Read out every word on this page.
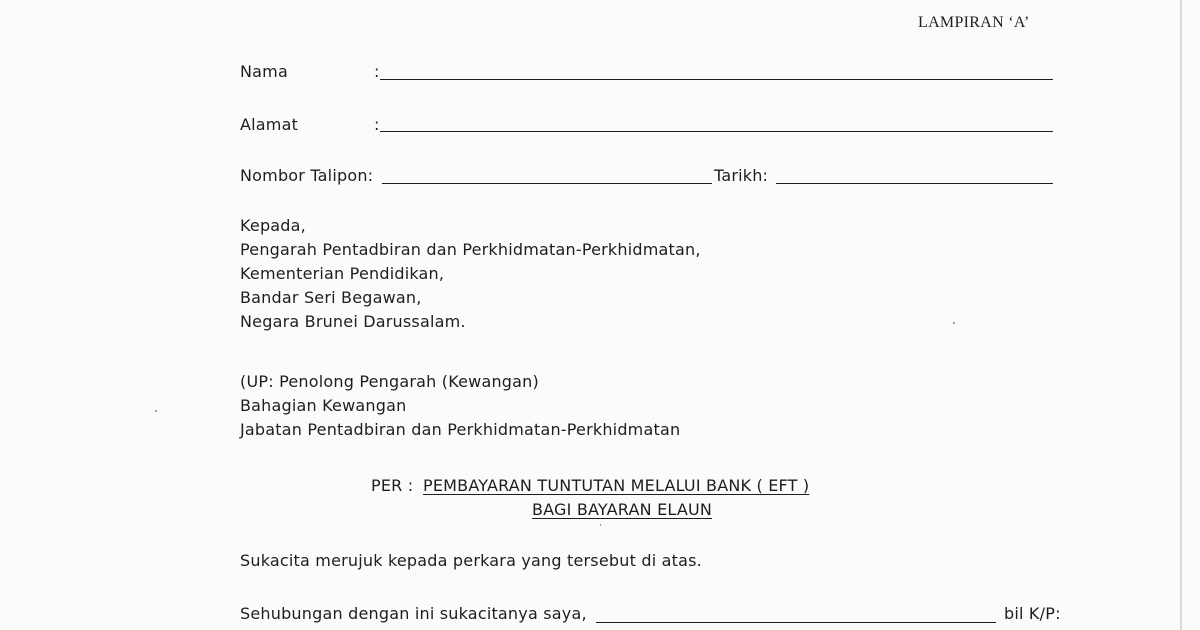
LAMPIRAN ‘A’
Nama	:
Alamat	:
Nombor Talipon:	Tarikh:
Kepada,
Pengarah Pentadbiran dan Perkhidmatan-Perkhidmatan,
Kementerian Pendidikan,
Bandar Seri Begawan,
Negara Brunei Darussalam.
(UP: Penolong Pengarah (Kewangan)
Bahagian Kewangan
Jabatan Pentadbiran dan Perkhidmatan-Perkhidmatan
PER : PEMBAYARAN TUNTUTAN MELALUI BANK ( EFT )
BAGI BAYARAN ELAUN
Sukacita merujuk kepada perkara yang tersebut di atas.
Sehubungan dengan ini sukacitanya saya,	bil K/P:
